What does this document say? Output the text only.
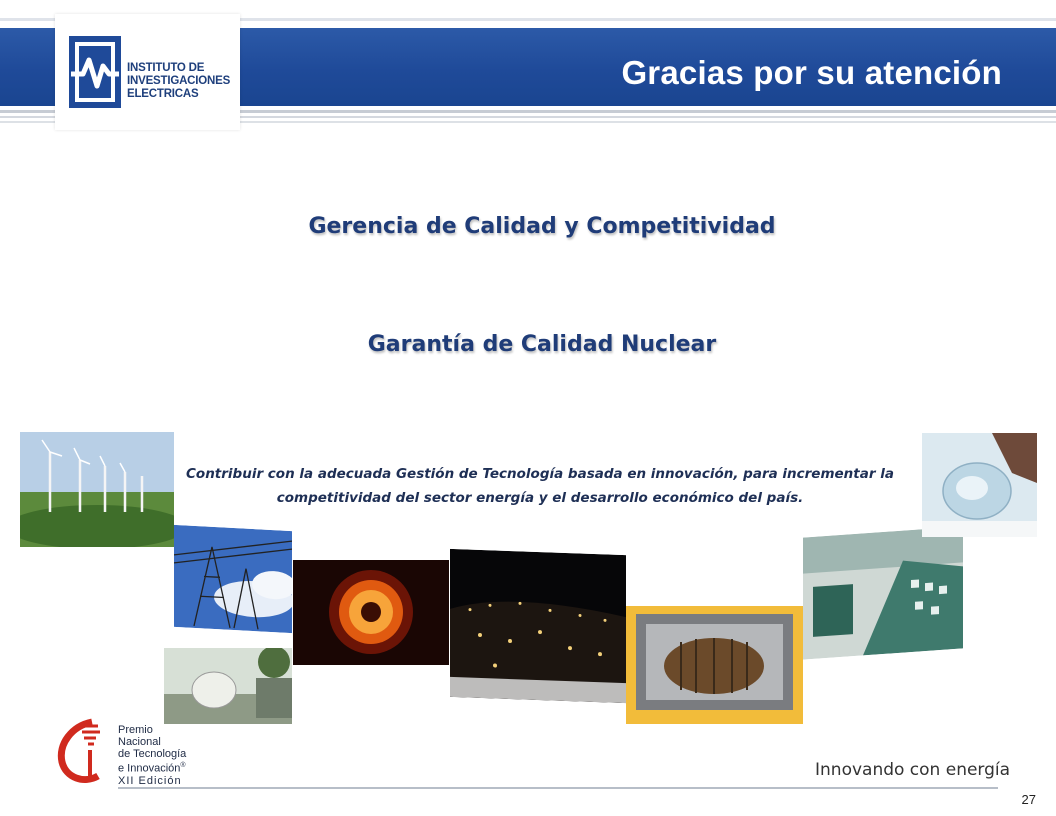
INSTITUTO DE
INVESTIGACIONES
ELECTRICAS
Gracias por su atención
Gerencia de Calidad y Competitividad
Garantía de Calidad Nuclear
Contribuir con la adecuada Gestión de Tecnología basada en innovación, para incrementar la
competitividad del sector energía y el desarrollo económico del país.
Premio
Nacional
de Tecnología
e Innovación®
XII Edición
Innovando con energía
27
